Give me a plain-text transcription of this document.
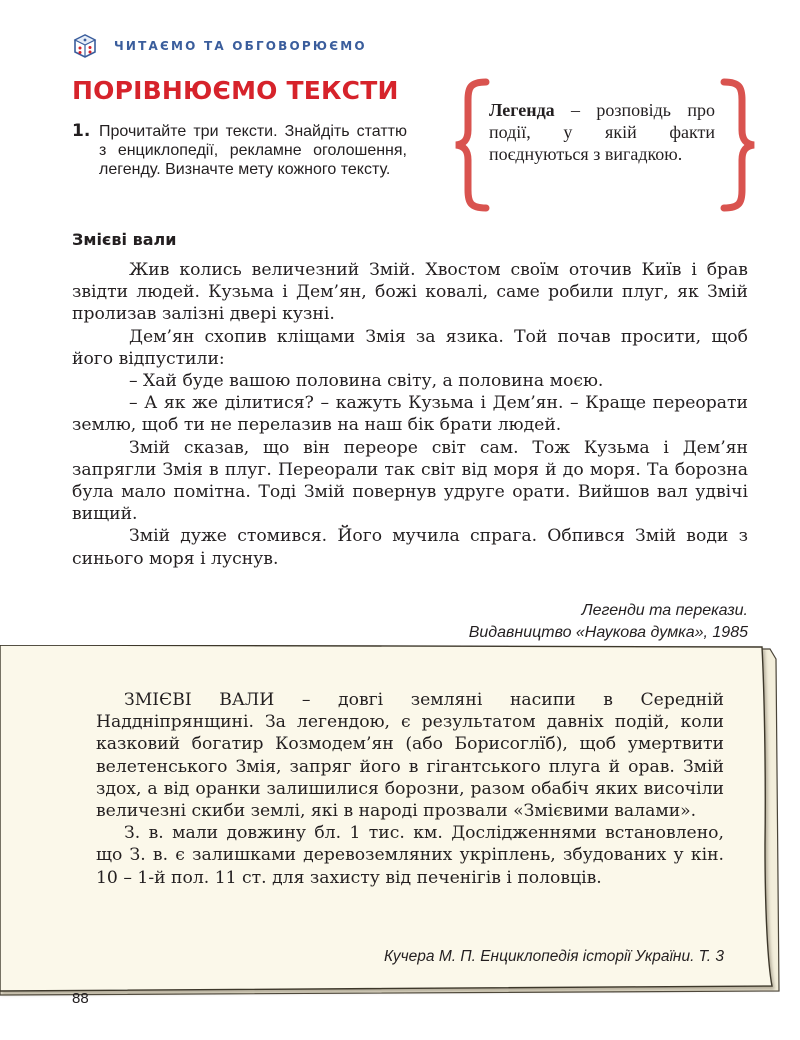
ЧИТАЄМО ТА ОБГОВОРЮЄМО
ПОРІВНЮЄМО ТЕКСТИ
1. Прочитайте три тексти. Знайдіть статтю з енциклопедії, рекламне оголошення, легенду. Визначте мету кожного тексту.
Легенда – розповідь про події, у якій факти поєднуються з вигадкою.
Змієві вали

Жив колись величезний Змій. Хвостом своїм оточив Київ і брав звідти людей. Кузьма і Дем’ян, божі ковалі, саме робили плуг, як Змій пролизав залізні двері кузні.

Дем’ян схопив кліщами Змія за язика. Той почав просити, щоб його відпустили:

– Хай буде вашою половина світу, а половина моєю.

– А як же ділитися? – кажуть Кузьма і Дем’ян. – Краще переорати землю, щоб ти не перелазив на наш бік брати людей.

Змій сказав, що він переоре світ сам. Тож Кузьма і Дем’ян запрягли Змія в плуг. Переорали так світ від моря й до моря. Та борозна була мало помітна. Тоді Змій повернув удруге орати. Вийшов вал удвічі вищий.

Змій дуже стомився. Його мучила спрага. Обпився Змій води з синього моря і луснув.

Легенди та перекази.
Видавництво «Наукова думка», 1985

ЗМІЄВІ ВАЛИ – довгі земляні насипи в Середній Наддніпрянщині. За легендою, є результатом давніх подій, коли казковий богатир Козмодем’ян (або Борисоглїб), щоб умертвити велетенського Змія, запряг його в гігантського плуга й орав. Змій здох, а від оранки залишилися борозни, разом обабіч яких височіли величезні скиби землі, які в народі прозвали «Змієвими валами».

З. в. мали довжину бл. 1 тис. км. Дослідженнями встановлено, що З. в. є залишками деревоземляних укріплень, збудованих у кін. 10 – 1-й пол. 11 ст. для захисту від печенігів і половців.

Кучера М. П. Енциклопедія історії України. Т. 3
88
